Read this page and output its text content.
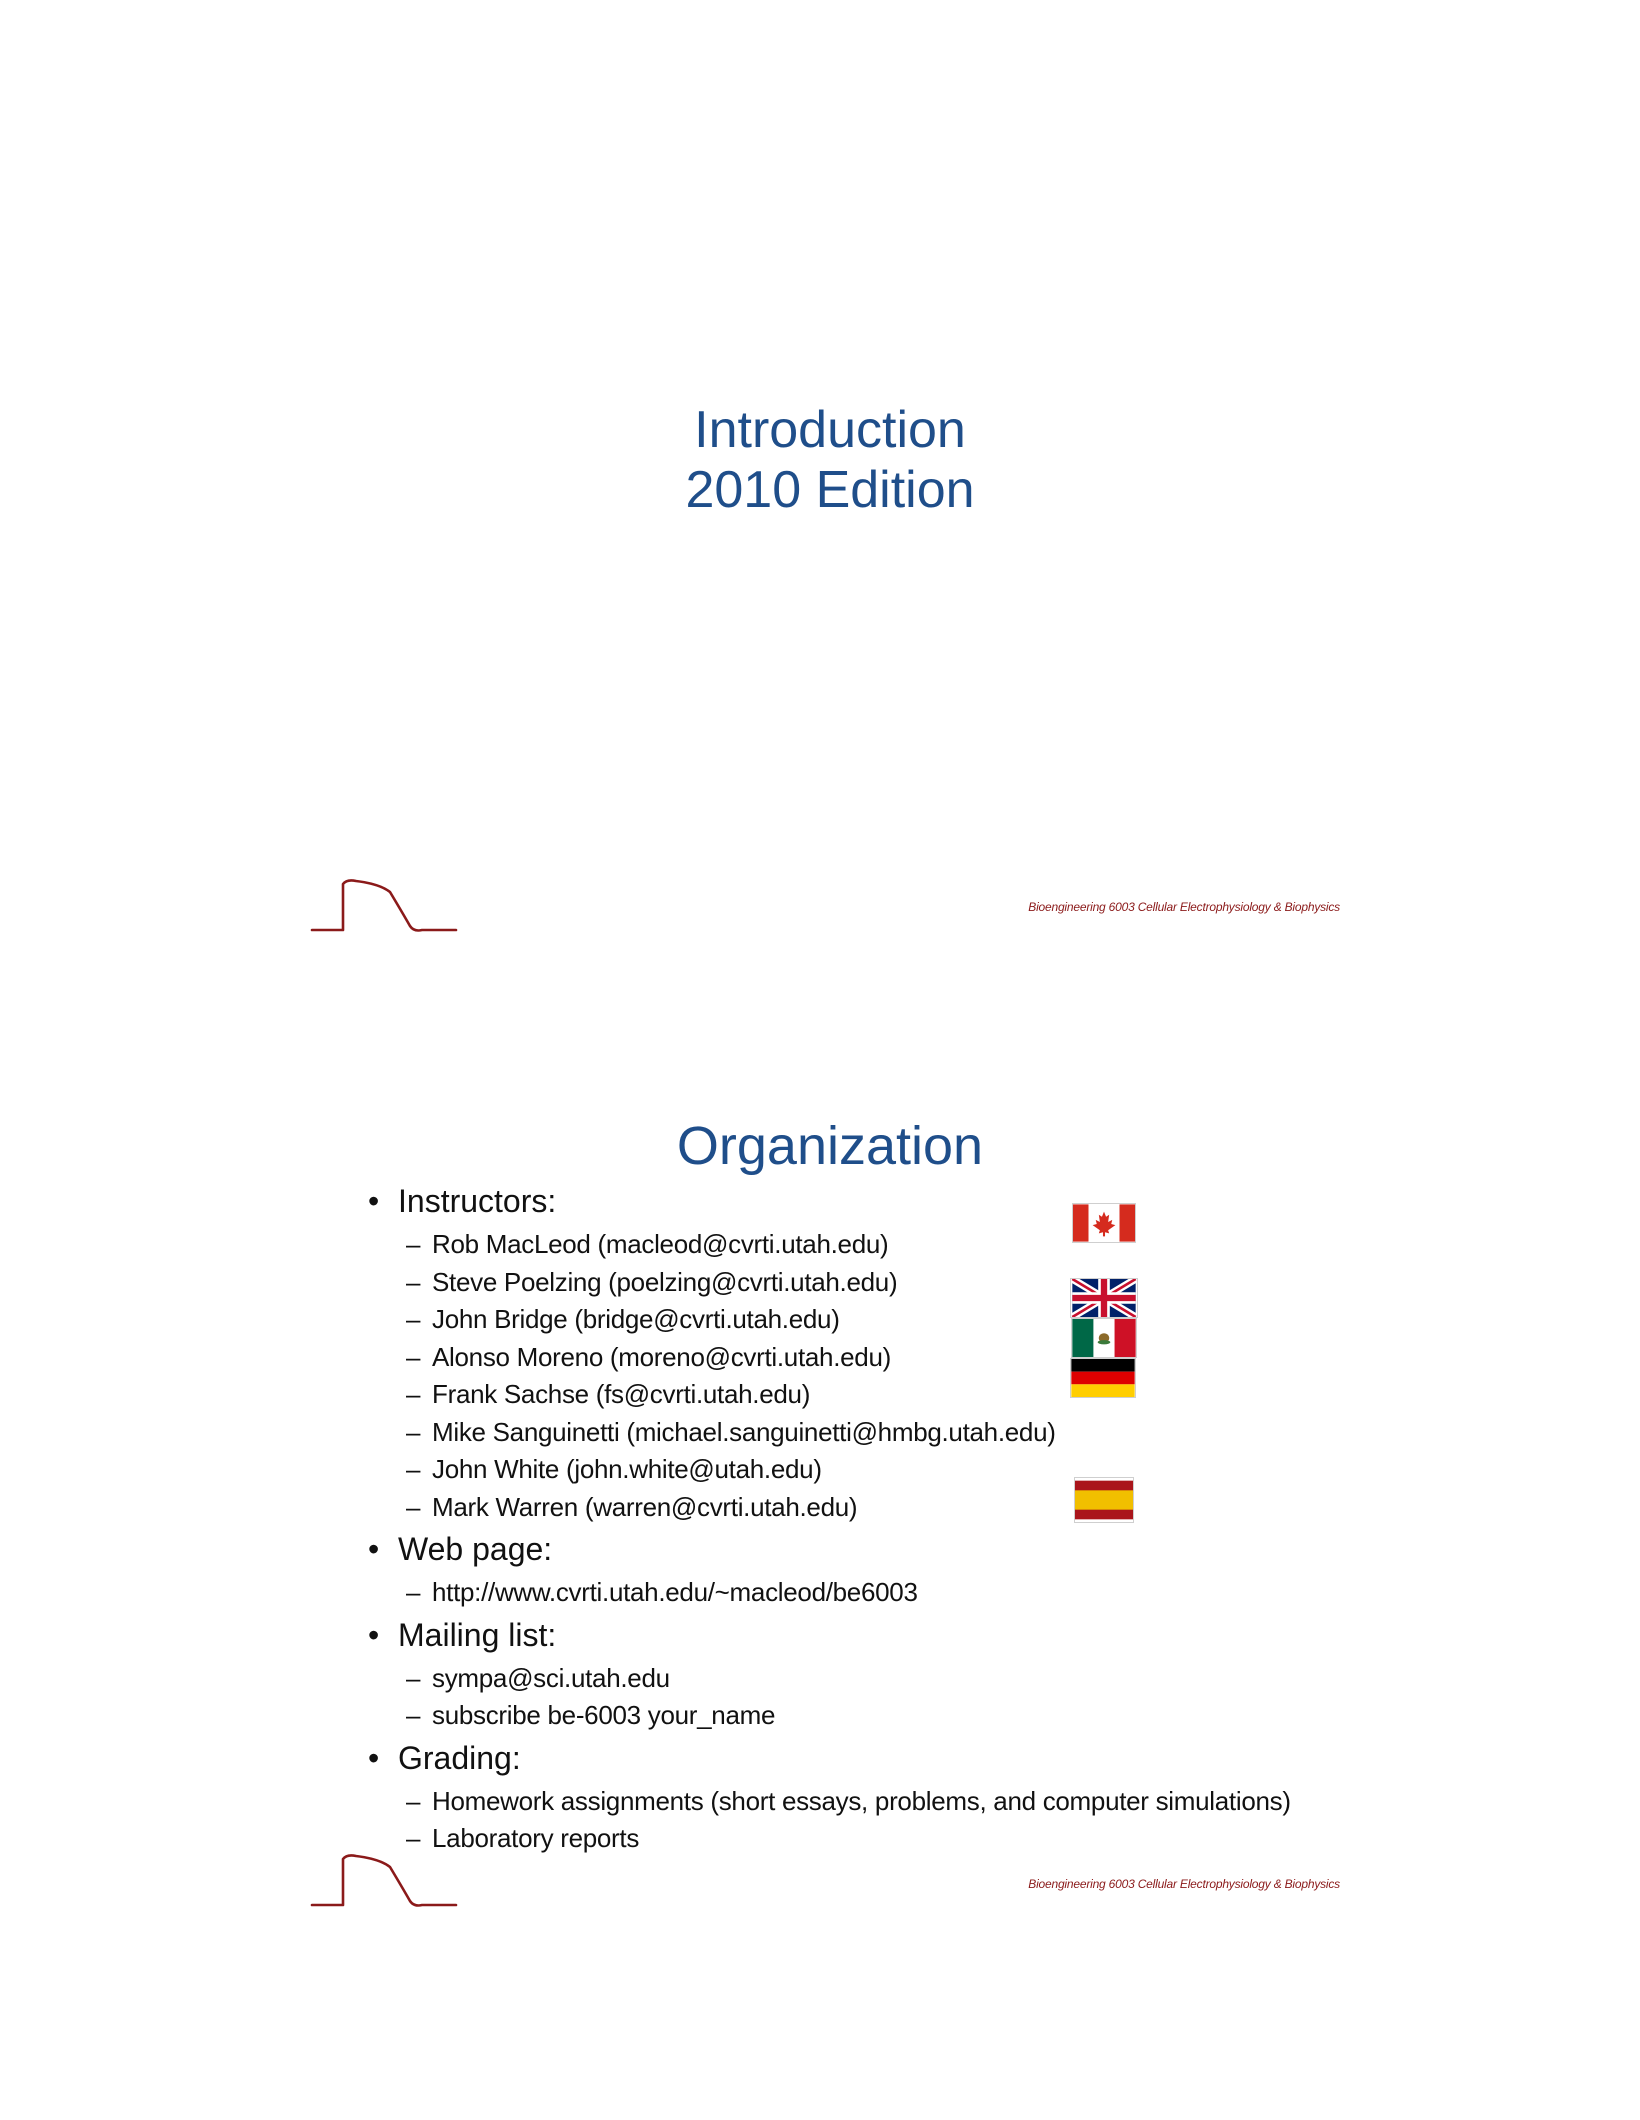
Introduction
2010 Edition
Bioengineering 6003 Cellular Electrophysiology & Biophysics
Organization
• Instructors:
– Rob MacLeod (macleod@cvrti.utah.edu)
– Steve Poelzing (poelzing@cvrti.utah.edu)
– John Bridge (bridge@cvrti.utah.edu)
– Alonso Moreno (moreno@cvrti.utah.edu)
– Frank Sachse (fs@cvrti.utah.edu)
– Mike Sanguinetti (michael.sanguinetti@hmbg.utah.edu)
– John White (john.white@utah.edu)
– Mark Warren (warren@cvrti.utah.edu)
• Web page:
– http://www.cvrti.utah.edu/~macleod/be6003
• Mailing list:
– sympa@sci.utah.edu
– subscribe be-6003 your_name
• Grading:
– Homework assignments (short essays, problems, and computer simulations)
– Laboratory reports
Bioengineering 6003 Cellular Electrophysiology & Biophysics
